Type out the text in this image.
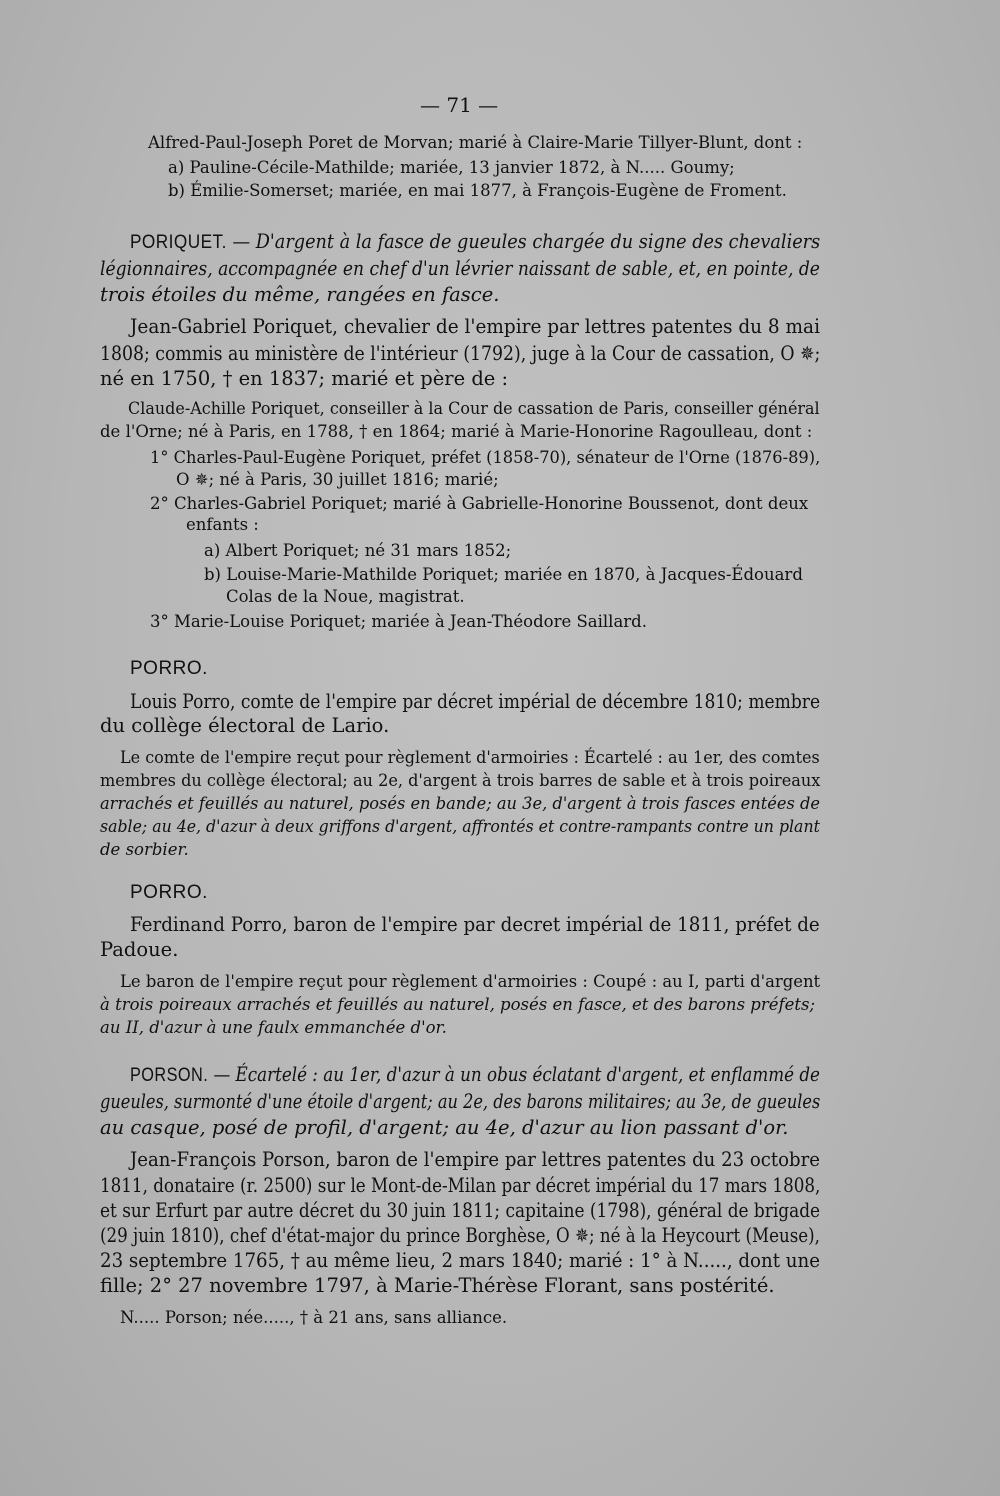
— 71 —
Alfred-Paul-Joseph Poret de Morvan; marié à Claire-Marie Tillyer-Blunt, dont :
a) Pauline-Cécile-Mathilde; mariée, 13 janvier 1872, à N..... Goumy;
b) Émilie-Somerset; mariée, en mai 1877, à François-Eugène de Froment.
PORIQUET. — D'argent à la fasce de gueules chargée du signe des chevaliers
légionnaires, accompagnée en chef d'un lévrier naissant de sable, et, en pointe, de
trois étoiles du même, rangées en fasce.
Jean-Gabriel Poriquet, chevalier de l'empire par lettres patentes du 8 mai
1808; commis au ministère de l'intérieur (1792), juge à la Cour de cassation, O ✵;
né en 1750, † en 1837; marié et père de :
Claude-Achille Poriquet, conseiller à la Cour de cassation de Paris, conseiller général
de l'Orne; né à Paris, en 1788, † en 1864; marié à Marie-Honorine Ragoulleau, dont :
1° Charles-Paul-Eugène Poriquet, préfet (1858-70), sénateur de l'Orne (1876-89),
O ✵; né à Paris, 30 juillet 1816; marié;
2° Charles-Gabriel Poriquet; marié à Gabrielle-Honorine Boussenot, dont deux
enfants :
a) Albert Poriquet; né 31 mars 1852;
b) Louise-Marie-Mathilde Poriquet; mariée en 1870, à Jacques-Édouard
Colas de la Noue, magistrat.
3° Marie-Louise Poriquet; mariée à Jean-Théodore Saillard.
PORRO.
Louis Porro, comte de l'empire par décret impérial de décembre 1810; membre
du collège électoral de Lario.
Le comte de l'empire reçut pour règlement d'armoiries : Écartelé : au 1er, des comtes
membres du collège électoral; au 2e, d'argent à trois barres de sable et à trois poireaux
arrachés et feuillés au naturel, posés en bande; au 3e, d'argent à trois fasces entées de
sable; au 4e, d'azur à deux griffons d'argent, affrontés et contre-rampants contre un plant
de sorbier.
PORRO.
Ferdinand Porro, baron de l'empire par decret impérial de 1811, préfet de
Padoue.
Le baron de l'empire reçut pour règlement d'armoiries : Coupé : au I, parti d'argent
à trois poireaux arrachés et feuillés au naturel, posés en fasce, et des barons préfets;
au II, d'azur à une faulx emmanchée d'or.
PORSON. — Écartelé : au 1er, d'azur à un obus éclatant d'argent, et enflammé de
gueules, surmonté d'une étoile d'argent; au 2e, des barons militaires; au 3e, de gueules
au casque, posé de profil, d'argent; au 4e, d'azur au lion passant d'or.
Jean-François Porson, baron de l'empire par lettres patentes du 23 octobre
1811, donataire (r. 2500) sur le Mont-de-Milan par décret impérial du 17 mars 1808,
et sur Erfurt par autre décret du 30 juin 1811; capitaine (1798), général de brigade
(29 juin 1810), chef d'état-major du prince Borghèse, O ✵; né à la Heycourt (Meuse),
23 septembre 1765, † au même lieu, 2 mars 1840; marié : 1° à N....., dont une
fille; 2° 27 novembre 1797, à Marie-Thérèse Florant, sans postérité.
N..... Porson; née....., † à 21 ans, sans alliance.
